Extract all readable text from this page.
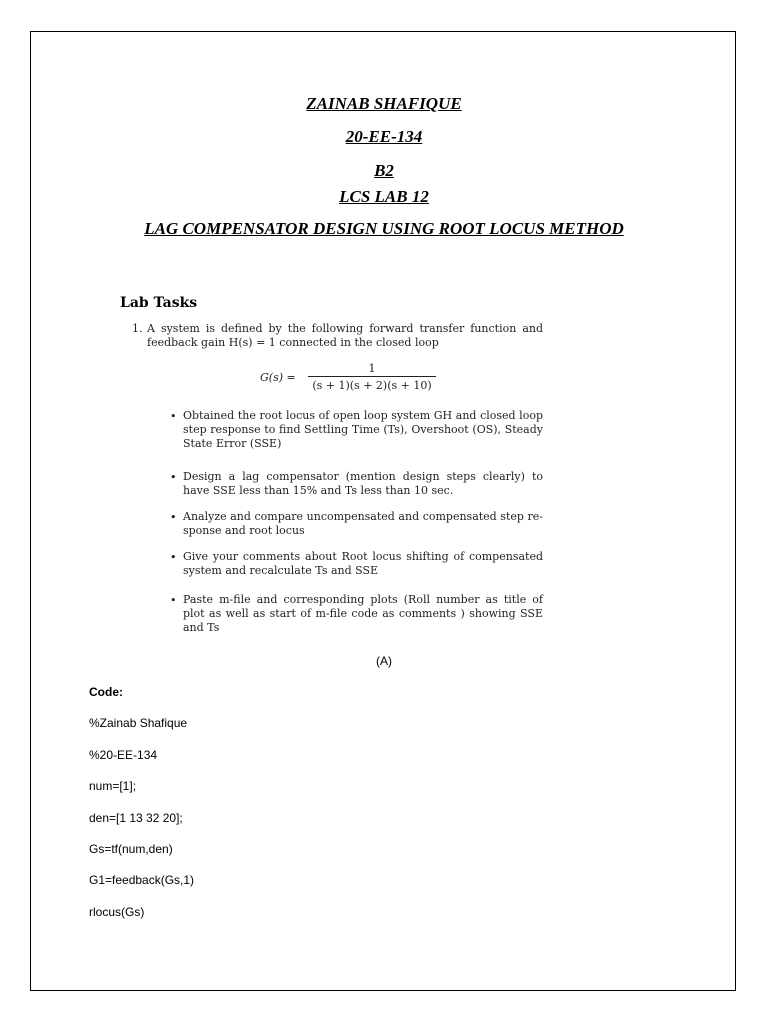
ZAINAB SHAFIQUE
20-EE-134
B2
LCS LAB 12
LAG COMPENSATOR DESIGN USING ROOT LOCUS METHOD
Lab Tasks
1. A system is defined by the following forward transfer function and feedback gain H(s) = 1 connected in the closed loop
G(s) =
1
(s + 1)(s + 2)(s + 10)
• Obtained the root locus of open loop system GH and closed loop step response to find Settling Time (Ts), Overshoot (OS), Steady State Error (SSE)
• Design a lag compensator (mention design steps clearly) to have SSE less than 15% and Ts less than 10 sec.
• Analyze and compare uncompensated and compensated step re-sponse and root locus
• Give your comments about Root locus shifting of compensated system and recalculate Ts and SSE
• Paste m-file and corresponding plots (Roll number as title of plot as well as start of m-file code as comments ) showing SSE and Ts
(A)
Code:
%Zainab Shafique
%20-EE-134
num=[1];
den=[1 13 32 20];
Gs=tf(num,den)
G1=feedback(Gs,1)
rlocus(Gs)
